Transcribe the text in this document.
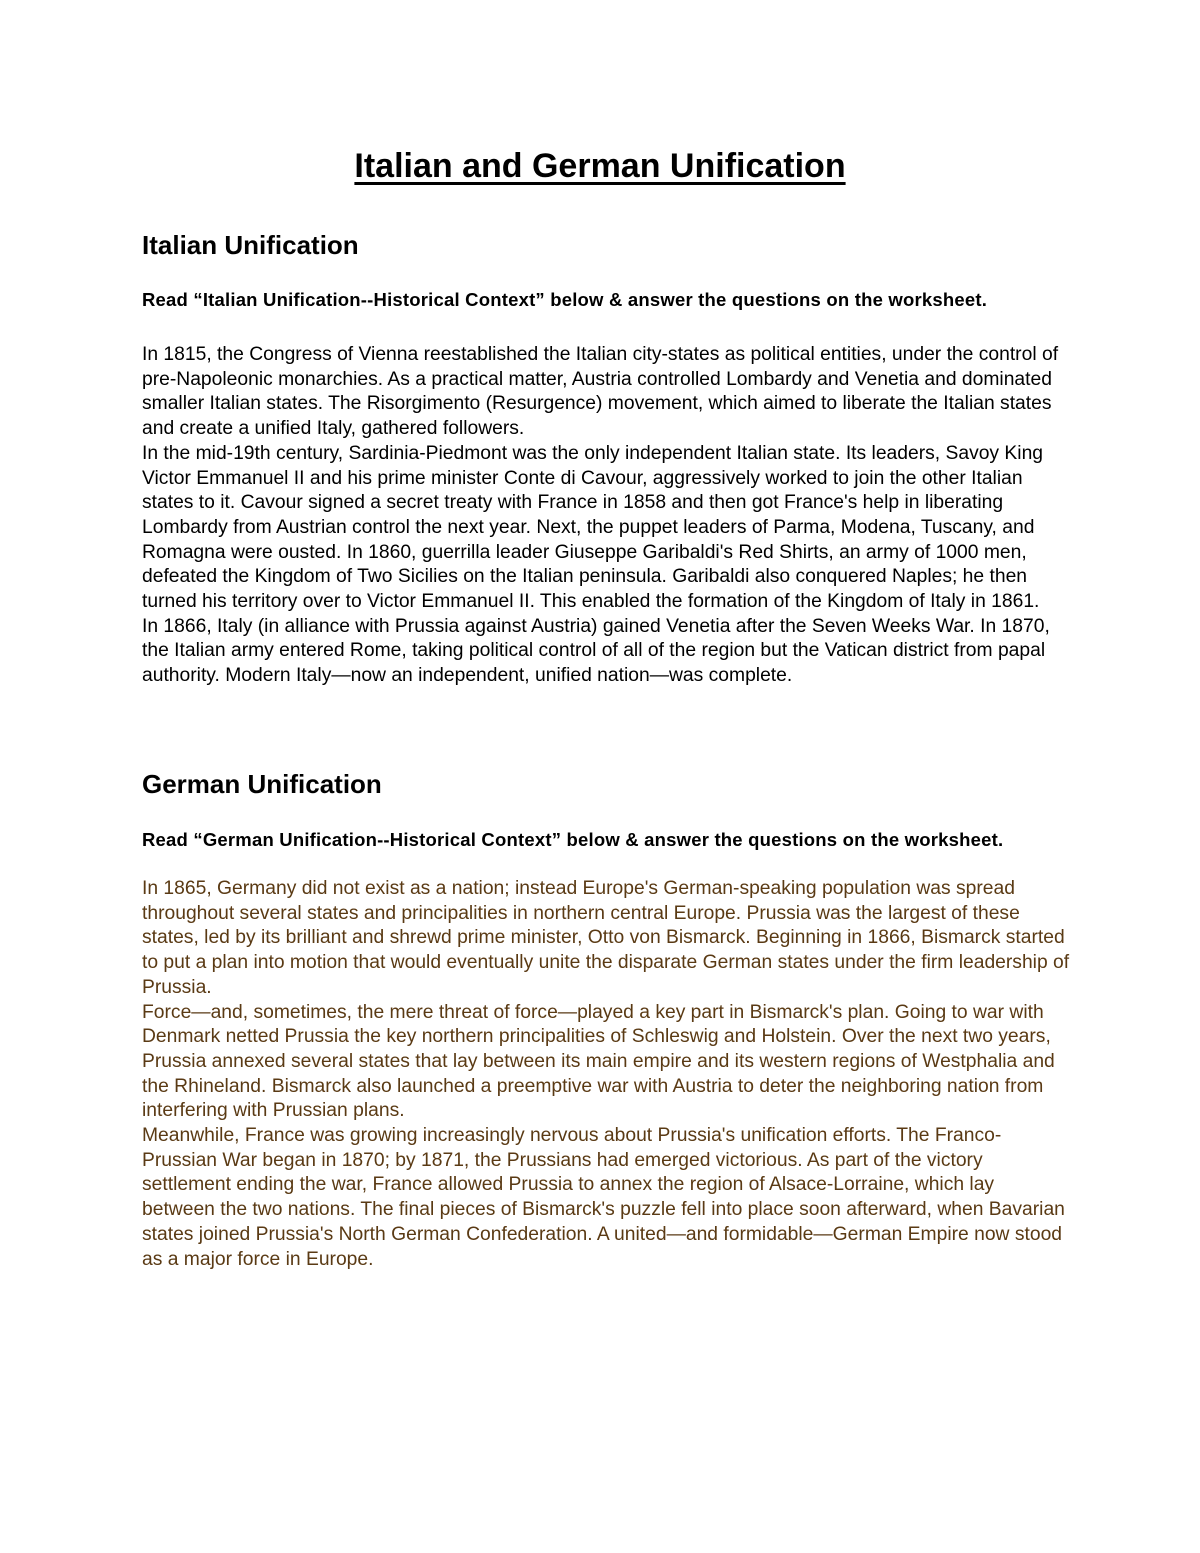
Italian and German Unification
Italian Unification

Read “Italian Unification--Historical Context” below & answer the questions on the worksheet.

In 1815, the Congress of Vienna reestablished the Italian city-states as political entities, under the control of pre-Napoleonic monarchies. As a practical matter, Austria controlled Lombardy and Venetia and dominated smaller Italian states. The Risorgimento (Resurgence) movement, which aimed to liberate the Italian states and create a unified Italy, gathered followers.

In the mid-19th century, Sardinia-Piedmont was the only independent Italian state. Its leaders, Savoy King Victor Emmanuel II and his prime minister Conte di Cavour, aggressively worked to join the other Italian states to it. Cavour signed a secret treaty with France in 1858 and then got France's help in liberating Lombardy from Austrian control the next year. Next, the puppet leaders of Parma, Modena, Tuscany, and Romagna were ousted. In 1860, guerrilla leader Giuseppe Garibaldi's Red Shirts, an army of 1000 men, defeated the Kingdom of Two Sicilies on the Italian peninsula. Garibaldi also conquered Naples; he then turned his territory over to Victor Emmanuel II. This enabled the formation of the Kingdom of Italy in 1861.

In 1866, Italy (in alliance with Prussia against Austria) gained Venetia after the Seven Weeks War. In 1870, the Italian army entered Rome, taking political control of all of the region but the Vatican district from papal authority. Modern Italy—now an independent, unified nation—was complete.

German Unification

Read “German Unification--Historical Context” below & answer the questions on the worksheet.

In 1865, Germany did not exist as a nation; instead Europe's German-speaking population was spread throughout several states and principalities in northern central Europe. Prussia was the largest of these states, led by its brilliant and shrewd prime minister, Otto von Bismarck. Beginning in 1866, Bismarck started to put a plan into motion that would eventually unite the disparate German states under the firm leadership of Prussia.

Force—and, sometimes, the mere threat of force—played a key part in Bismarck's plan. Going to war with Denmark netted Prussia the key northern principalities of Schleswig and Holstein. Over the next two years, Prussia annexed several states that lay between its main empire and its western regions of Westphalia and the Rhineland. Bismarck also launched a preemptive war with Austria to deter the neighboring nation from interfering with Prussian plans.

Meanwhile, France was growing increasingly nervous about Prussia's unification efforts. The Franco-Prussian War began in 1870; by 1871, the Prussians had emerged victorious. As part of the victory settlement ending the war, France allowed Prussia to annex the region of Alsace-Lorraine, which lay between the two nations. The final pieces of Bismarck's puzzle fell into place soon afterward, when Bavarian states joined Prussia's North German Confederation. A united—and formidable—German Empire now stood as a major force in Europe.
